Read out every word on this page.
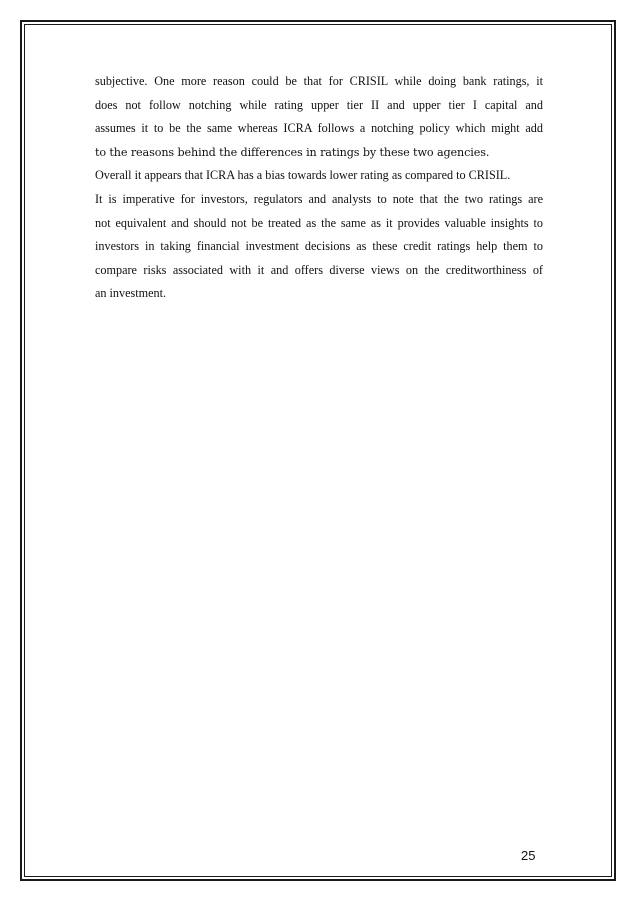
subjective. One more reason could be that for CRISIL while doing bank ratings, it
does not follow notching while rating upper tier II and upper tier I capital and
assumes it to be the same whereas ICRA follows a notching policy which might add
to the reasons behind the differences in ratings by these two agencies.
Overall it appears that ICRA has a bias towards lower rating as compared to CRISIL.
It is imperative for investors, regulators and analysts to note that the two ratings are
not equivalent and should not be treated as the same as it provides valuable insights to
investors in taking financial investment decisions as these credit ratings help them to
compare risks associated with it and offers diverse views on the creditworthiness of
an investment.
25
